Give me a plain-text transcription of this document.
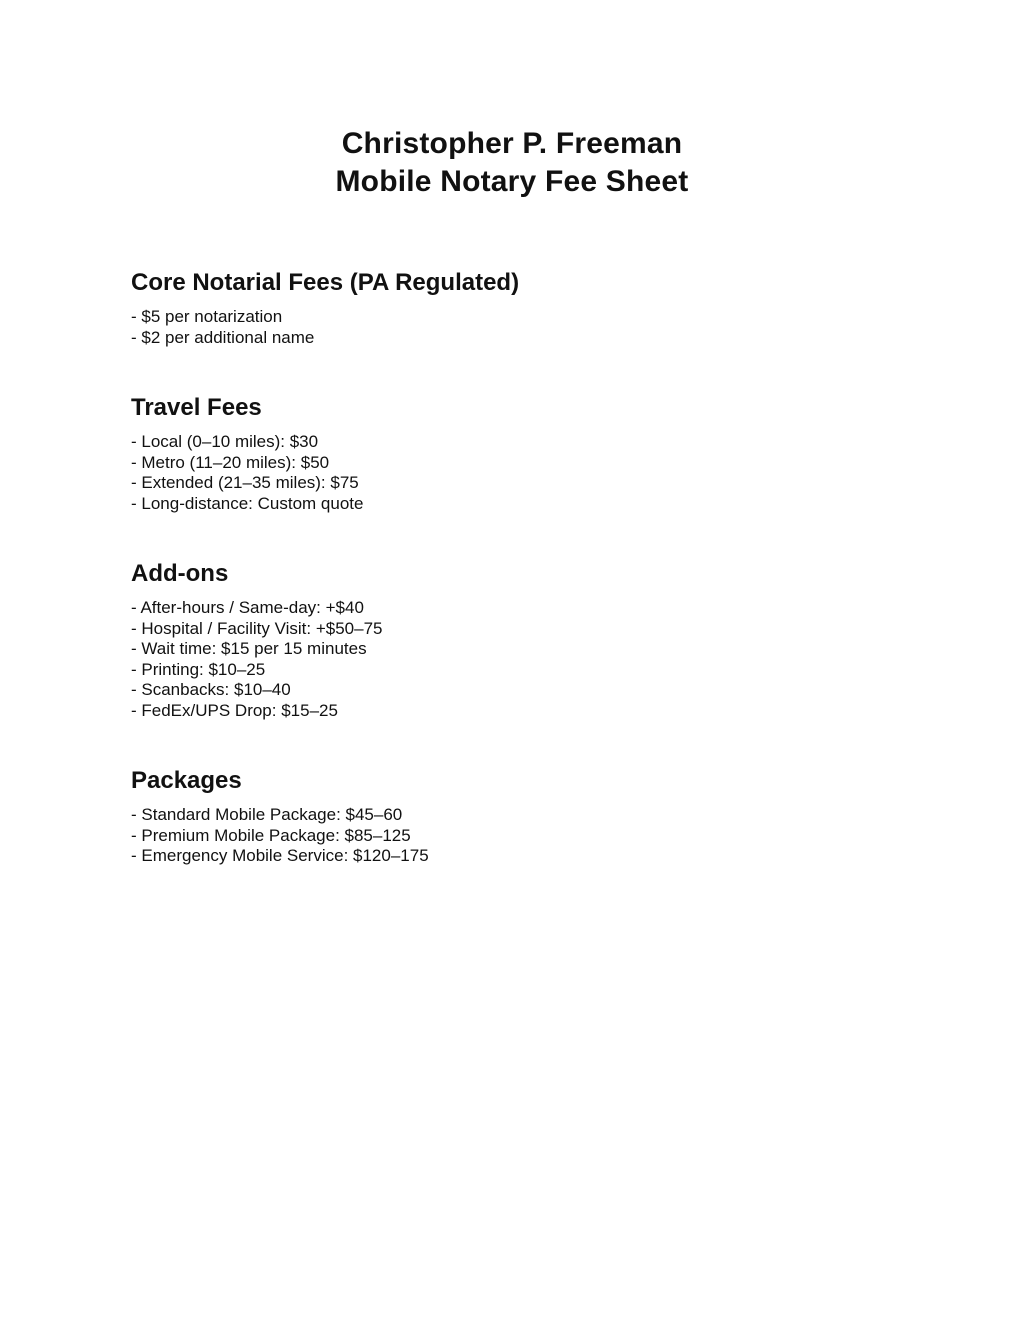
Christopher P. Freeman
Mobile Notary Fee Sheet
Core Notarial Fees (PA Regulated)
- $5 per notarization
- $2 per additional name
Travel Fees
- Local (0–10 miles): $30
- Metro (11–20 miles): $50
- Extended (21–35 miles): $75
- Long-distance: Custom quote
Add-ons
- After-hours / Same-day: +$40
- Hospital / Facility Visit: +$50–75
- Wait time: $15 per 15 minutes
- Printing: $10–25
- Scanbacks: $10–40
- FedEx/UPS Drop: $15–25
Packages
- Standard Mobile Package: $45–60
- Premium Mobile Package: $85–125
- Emergency Mobile Service: $120–175
